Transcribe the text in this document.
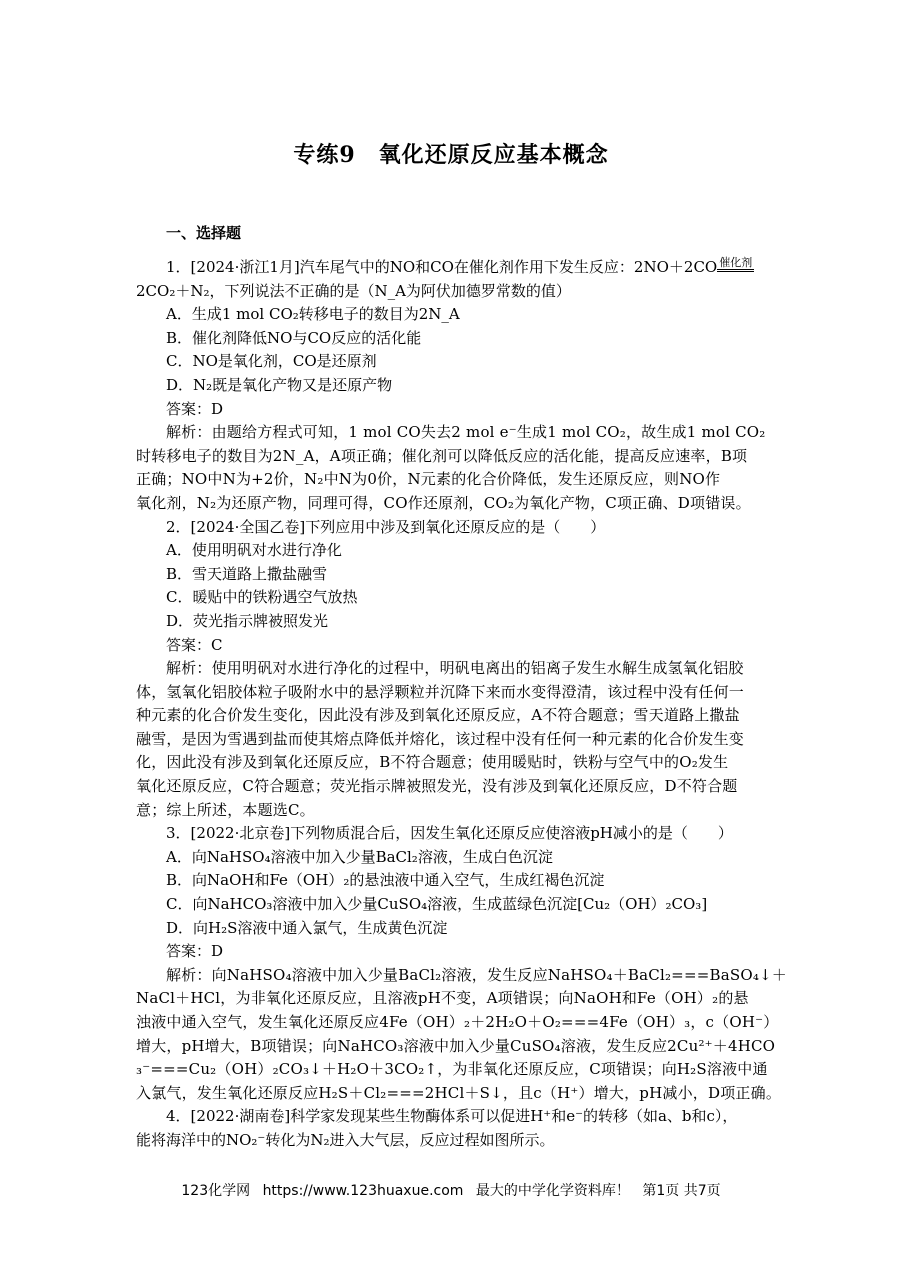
专练9　氧化还原反应基本概念
一、选择题
1．[2024·浙江1月]汽车尾气中的NO和CO在催化剂作用下发生反应：2NO＋2CO 催化剂
2CO₂＋N₂，下列说法不正确的是（N_A为阿伏加德罗常数的值）
A．生成1 mol CO₂转移电子的数目为2N_A
B．催化剂降低NO与CO反应的活化能
C．NO是氧化剂，CO是还原剂
D．N₂既是氧化产物又是还原产物
答案：D
解析：由题给方程式可知，1 mol CO失去2 mol e⁻生成1 mol CO₂，故生成1 mol CO₂
时转移电子的数目为2N_A，A项正确；催化剂可以降低反应的活化能，提高反应速率，B项
正确；NO中N为+2价，N₂中N为0价，N元素的化合价降低，发生还原反应，则NO作
氧化剂，N₂为还原产物，同理可得，CO作还原剂，CO₂为氧化产物，C项正确、D项错误。
2．[2024·全国乙卷]下列应用中涉及到氧化还原反应的是（　　）
A．使用明矾对水进行净化
B．雪天道路上撒盐融雪
C．暖贴中的铁粉遇空气放热
D．荧光指示牌被照发光
答案：C
解析：使用明矾对水进行净化的过程中，明矾电离出的铝离子发生水解生成氢氧化铝胶
体，氢氧化铝胶体粒子吸附水中的悬浮颗粒并沉降下来而水变得澄清，该过程中没有任何一
种元素的化合价发生变化，因此没有涉及到氧化还原反应，A不符合题意；雪天道路上撒盐
融雪，是因为雪遇到盐而使其熔点降低并熔化，该过程中没有任何一种元素的化合价发生变
化，因此没有涉及到氧化还原反应，B不符合题意；使用暖贴时，铁粉与空气中的O₂发生
氧化还原反应，C符合题意；荧光指示牌被照发光，没有涉及到氧化还原反应，D不符合题
意；综上所述，本题选C。
3．[2022·北京卷]下列物质混合后，因发生氧化还原反应使溶液pH减小的是（　　）
A．向NaHSO₄溶液中加入少量BaCl₂溶液，生成白色沉淀
B．向NaOH和Fe（OH）₂的悬浊液中通入空气，生成红褐色沉淀
C．向NaHCO₃溶液中加入少量CuSO₄溶液，生成蓝绿色沉淀[Cu₂（OH）₂CO₃]
D．向H₂S溶液中通入氯气，生成黄色沉淀
答案：D
解析：向NaHSO₄溶液中加入少量BaCl₂溶液，发生反应NaHSO₄＋BaCl₂===BaSO₄↓＋
NaCl＋HCl，为非氧化还原反应，且溶液pH不变，A项错误；向NaOH和Fe（OH）₂的悬
浊液中通入空气，发生氧化还原反应4Fe（OH）₂＋2H₂O＋O₂===4Fe（OH）₃，c（OH⁻）
增大，pH增大，B项错误；向NaHCO₃溶液中加入少量CuSO₄溶液，发生反应2Cu²⁺＋4HCO
₃⁻===Cu₂（OH）₂CO₃↓＋H₂O＋3CO₂↑，为非氧化还原反应，C项错误；向H₂S溶液中通
入氯气，发生氧化还原反应H₂S＋Cl₂===2HCl＋S↓，且c（H⁺）增大，pH减小，D项正确。
4．[2022·湖南卷]科学家发现某些生物酶体系可以促进H⁺和e⁻的转移（如a、b和c），
能将海洋中的NO₂⁻转化为N₂进入大气层，反应过程如图所示。
123化学网 https://www.123huaxue.com 最大的中学化学资料库！ 第1页 共7页
